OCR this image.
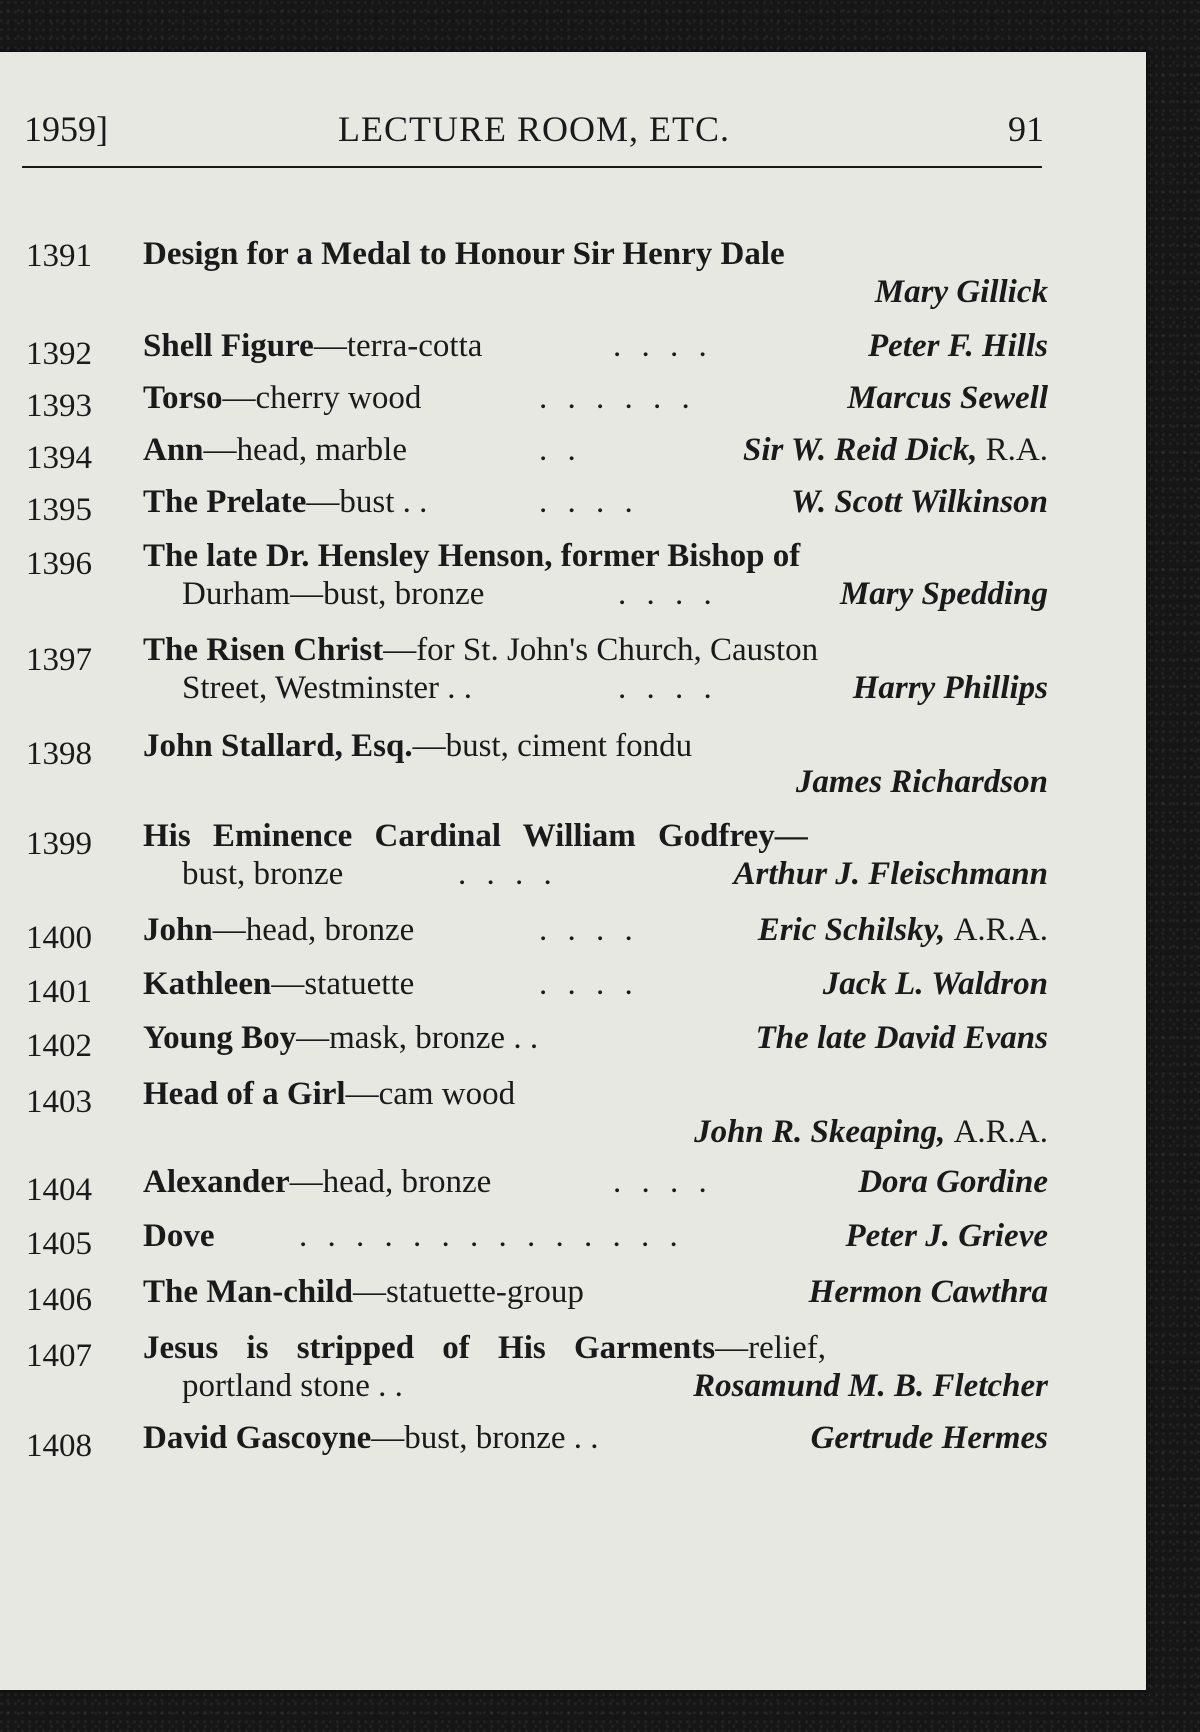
1959]	LECTURE ROOM, ETC.	91
1391	Design for a Medal to Honour Sir Henry Dale
Mary Gillick
1392	Shell Figure—terra-cotta	. . . .	Peter F. Hills
1393	Torso—cherry wood	. . . . . .	Marcus Sewell
1394	Ann—head, marble	. .	Sir W. Reid Dick, R.A.
1395	The Prelate—bust . .	. . . .	W. Scott Wilkinson
1396	The late Dr. Hensley Henson, former Bishop of
Durham—bust, bronze	. . . .	Mary Spedding
1397	The Risen Christ—for St. John's Church, Causton
Street, Westminster . .	. . . .	Harry Phillips
1398	John Stallard, Esq.—bust, ciment fondu
James Richardson
1399	His Eminence Cardinal William Godfrey—
bust, bronze	. . . .	Arthur J. Fleischmann
1400	John—head, bronze	. . . .	Eric Schilsky, A.R.A.
1401	Kathleen—statuette	. . . .	Jack L. Waldron
1402	Young Boy—mask, bronze . .	The late David Evans
1403	Head of a Girl—cam wood
John R. Skeaping, A.R.A.
1404	Alexander—head, bronze	. . . .	Dora Gordine
1405	Dove	. . . . . . . . . . . . . .	Peter J. Grieve
1406	The Man-child—statuette-group	Hermon Cawthra
1407	Jesus is stripped of His Garments—relief,
portland stone . .	Rosamund M. B. Fletcher
1408	David Gascoyne—bust, bronze . .	Gertrude Hermes
